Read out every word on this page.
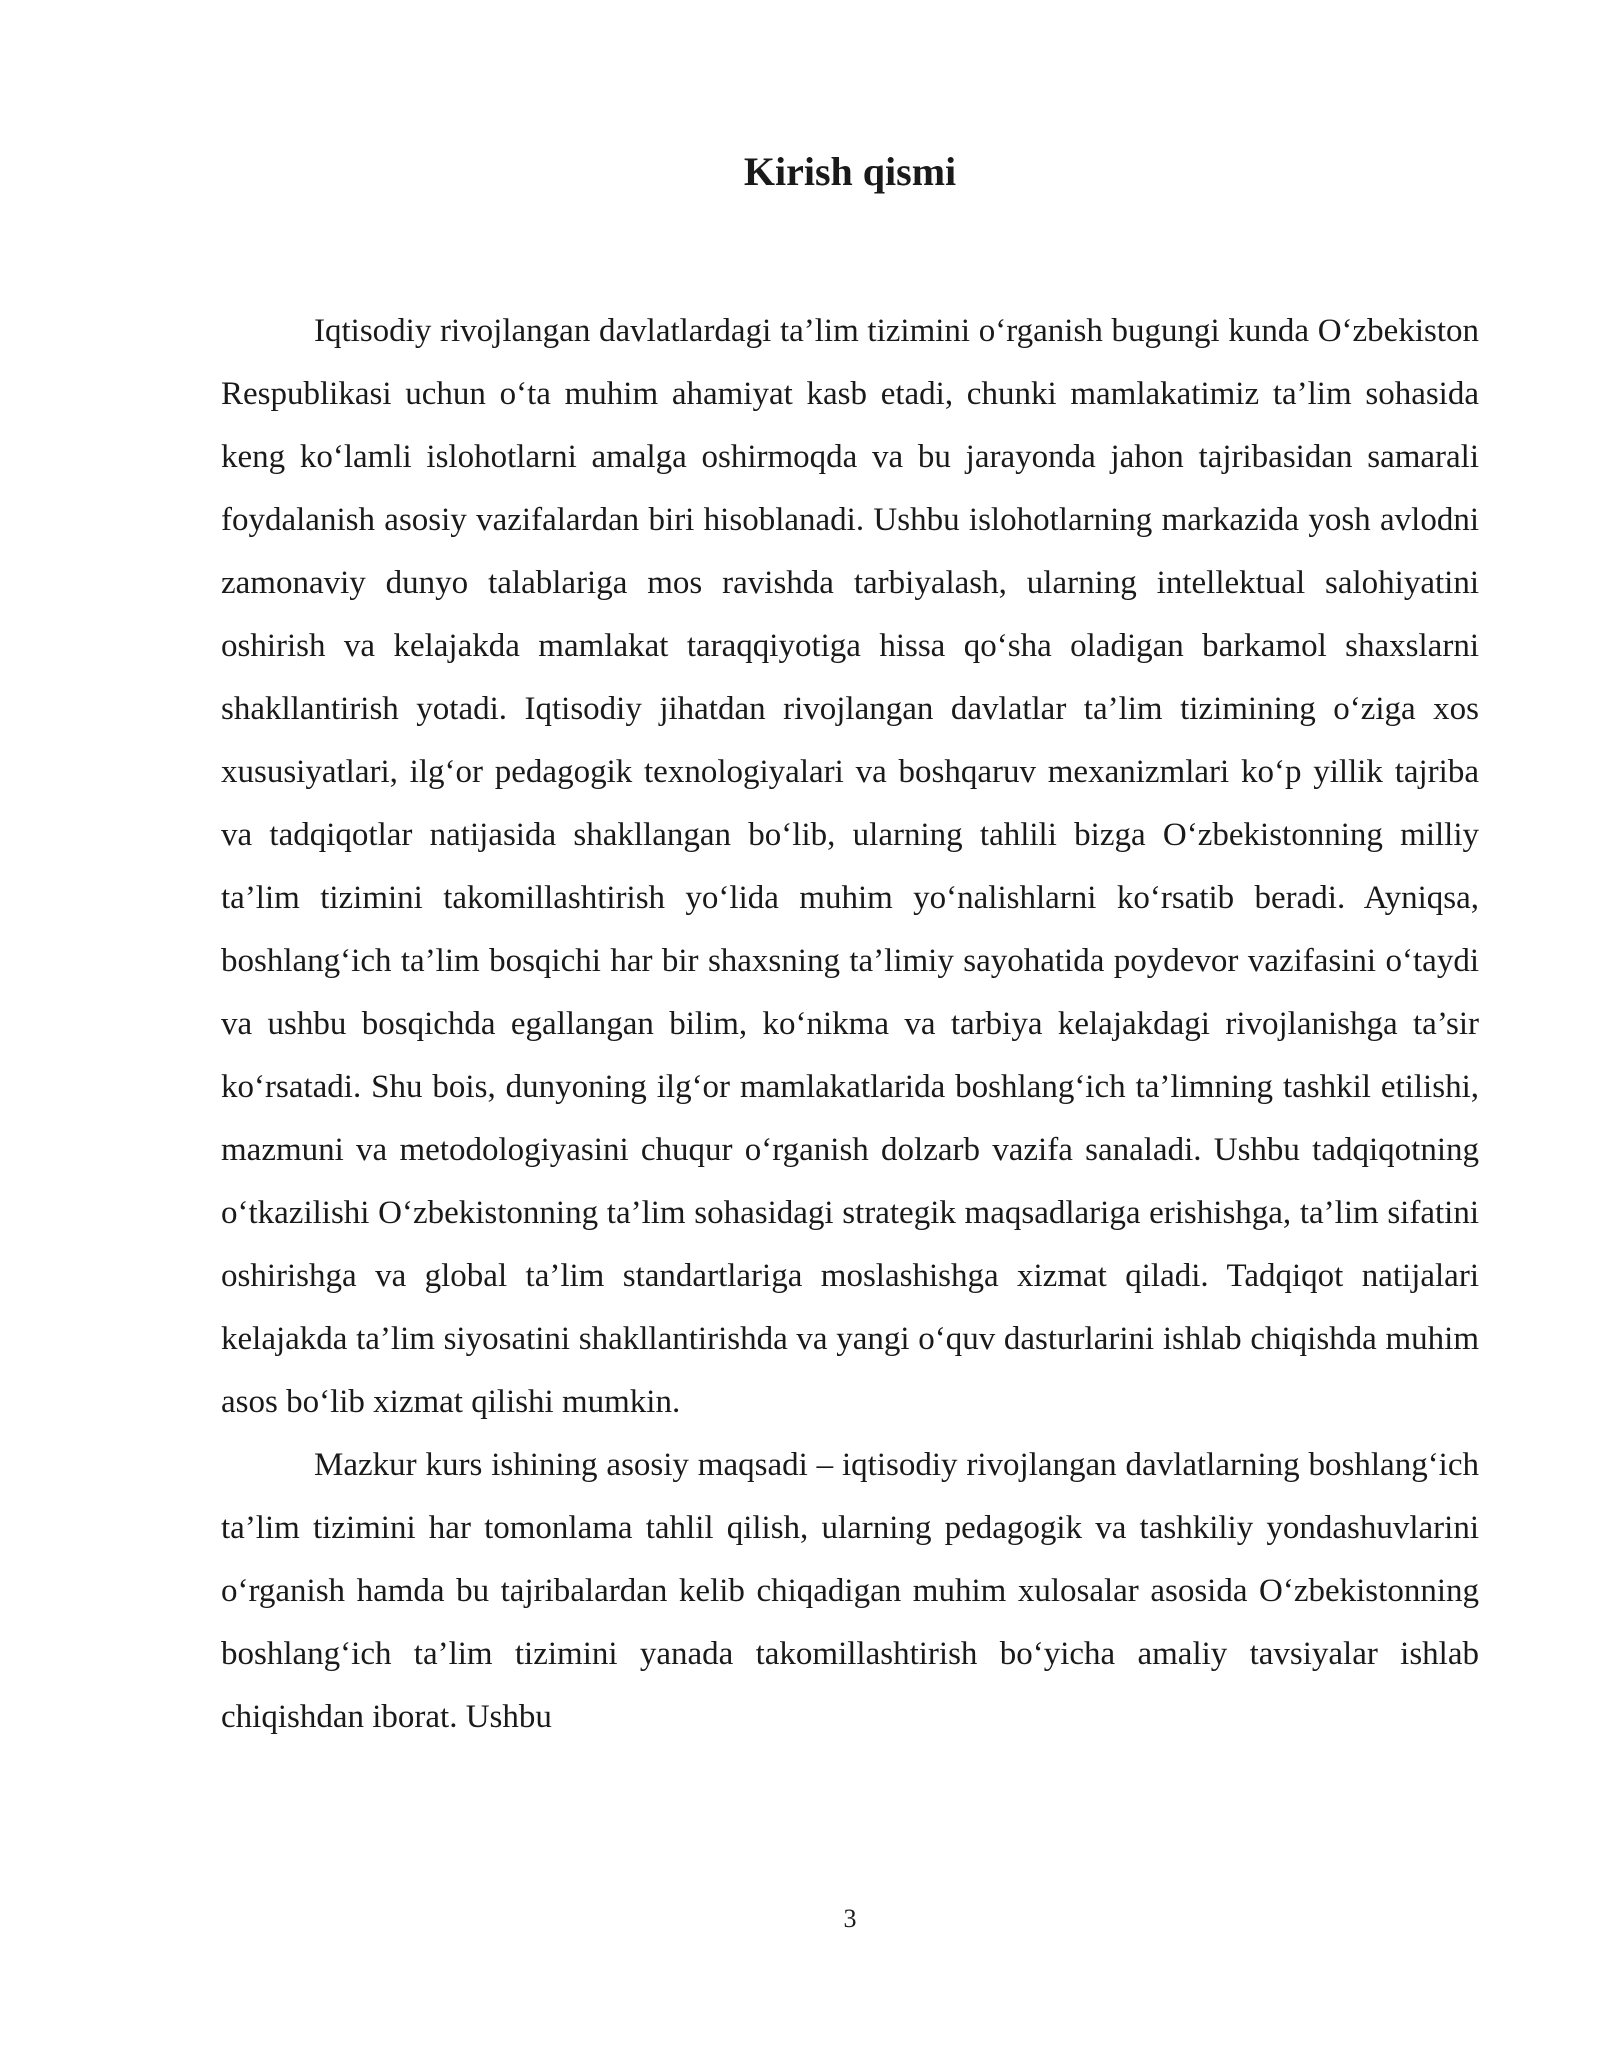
Kirish qismi

Iqtisodiy rivojlangan davlatlardagi ta’lim tizimini o‘rganish bugungi kunda O‘zbekiston Respublikasi uchun o‘ta muhim ahamiyat kasb etadi, chunki mamlakatimiz ta’lim sohasida keng ko‘lamli islohotlarni amalga oshirmoqda va bu jarayonda jahon tajribasidan samarali foydalanish asosiy vazifalardan biri hisoblanadi. Ushbu islohotlarning markazida yosh avlodni zamonaviy dunyo talablariga mos ravishda tarbiyalash, ularning intellektual salohiyatini oshirish va kelajakda mamlakat taraqqiyotiga hissa qo‘sha oladigan barkamol shaxslarni shakllantirish yotadi. Iqtisodiy jihatdan rivojlangan davlatlar ta’lim tizimining o‘ziga xos xususiyatlari, ilg‘or pedagogik texnologiyalari va boshqaruv mexanizmlari ko‘p yillik tajriba va tadqiqotlar natijasida shakllangan bo‘lib, ularning tahlili bizga O‘zbekistonning milliy ta’lim tizimini takomillashtirish yo‘lida muhim yo‘nalishlarni ko‘rsatib beradi. Ayniqsa, boshlang‘ich ta’lim bosqichi har bir shaxsning ta’limiy sayohatida poydevor vazifasini o‘taydi va ushbu bosqichda egallangan bilim, ko‘nikma va tarbiya kelajakdagi rivojlanishga ta’sir ko‘rsatadi. Shu bois, dunyoning ilg‘or mamlakatlarida boshlang‘ich ta’limning tashkil etilishi, mazmuni va metodologiyasini chuqur o‘rganish dolzarb vazifa sanaladi. Ushbu tadqiqotning o‘tkazilishi O‘zbekistonning ta’lim sohasidagi strategik maqsadlariga erishishga, ta’lim sifatini oshirishga va global ta’lim standartlariga moslashishga xizmat qiladi. Tadqiqot natijalari kelajakda ta’lim siyosatini shakllantirishda va yangi o‘quv dasturlarini ishlab chiqishda muhim asos bo‘lib xizmat qilishi mumkin.

Mazkur kurs ishining asosiy maqsadi – iqtisodiy rivojlangan davlatlarning boshlang‘ich ta’lim tizimini har tomonlama tahlil qilish, ularning pedagogik va tashkiliy yondashuvlarini o‘rganish hamda bu tajribalardan kelib chiqadigan muhim xulosalar asosida O‘zbekistonning boshlang‘ich ta’lim tizimini yanada takomillashtirish bo‘yicha amaliy tavsiyalar ishlab chiqishdan iborat. Ushbu

3
